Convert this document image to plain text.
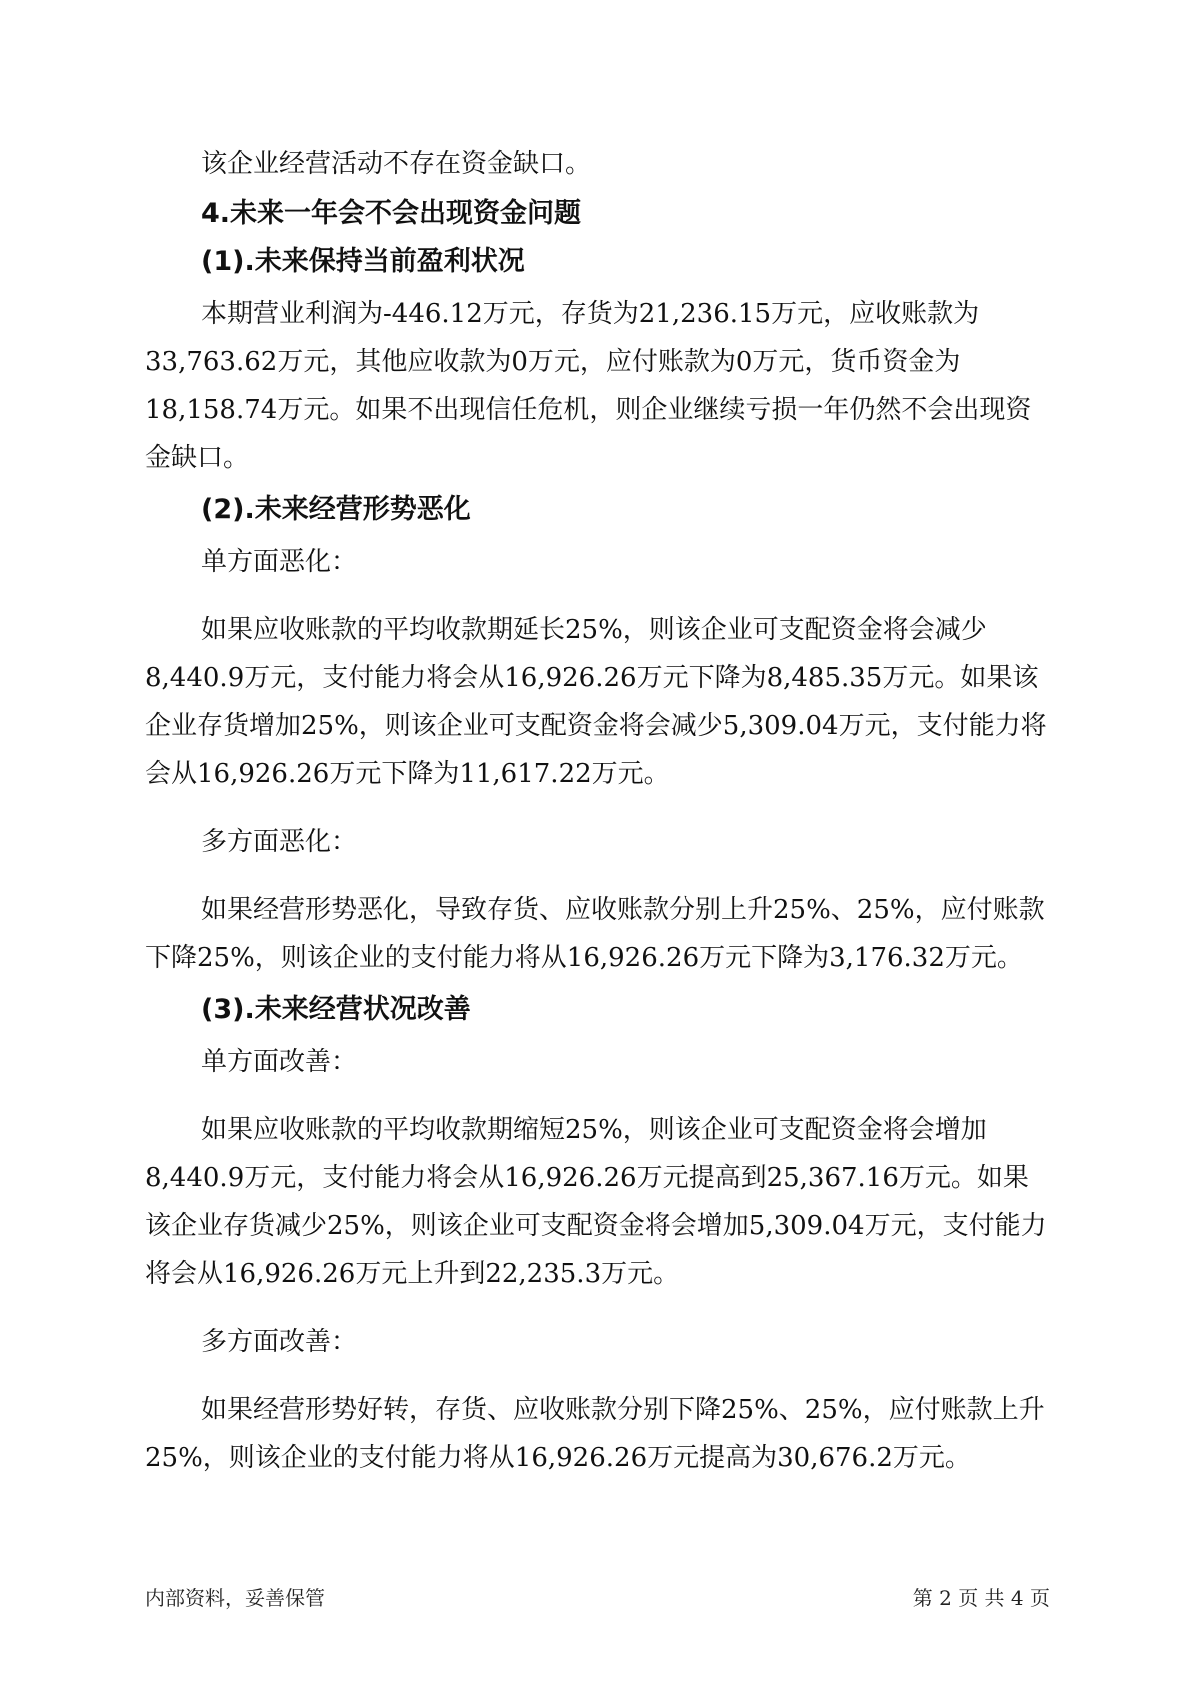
该企业经营活动不存在资金缺口。

4.未来一年会不会出现资金问题
(1).未来保持当前盈利状况

本期营业利润为-446.12万元，存货为21,236.15万元，应收账款为33,763.62万元，其他应收款为0万元，应付账款为0万元，货币资金为18,158.74万元。如果不出现信任危机，则企业继续亏损一年仍然不会出现资金缺口。

(2).未来经营形势恶化

单方面恶化：

如果应收账款的平均收款期延长25%，则该企业可支配资金将会减少8,440.9万元，支付能力将会从16,926.26万元下降为8,485.35万元。如果该企业存货增加25%，则该企业可支配资金将会减少5,309.04万元，支付能力将会从16,926.26万元下降为11,617.22万元。

多方面恶化：

如果经营形势恶化，导致存货、应收账款分别上升25%、25%，应付账款下降25%，则该企业的支付能力将从16,926.26万元下降为3,176.32万元。

(3).未来经营状况改善

单方面改善：

如果应收账款的平均收款期缩短25%，则该企业可支配资金将会增加8,440.9万元，支付能力将会从16,926.26万元提高到25,367.16万元。如果该企业存货减少25%，则该企业可支配资金将会增加5,309.04万元，支付能力将会从16,926.26万元上升到22,235.3万元。

多方面改善：

如果经营形势好转，存货、应收账款分别下降25%、25%，应付账款上升25%，则该企业的支付能力将从16,926.26万元提高为30,676.2万元。

内部资料，妥善保管	第 2 页 共 4 页
